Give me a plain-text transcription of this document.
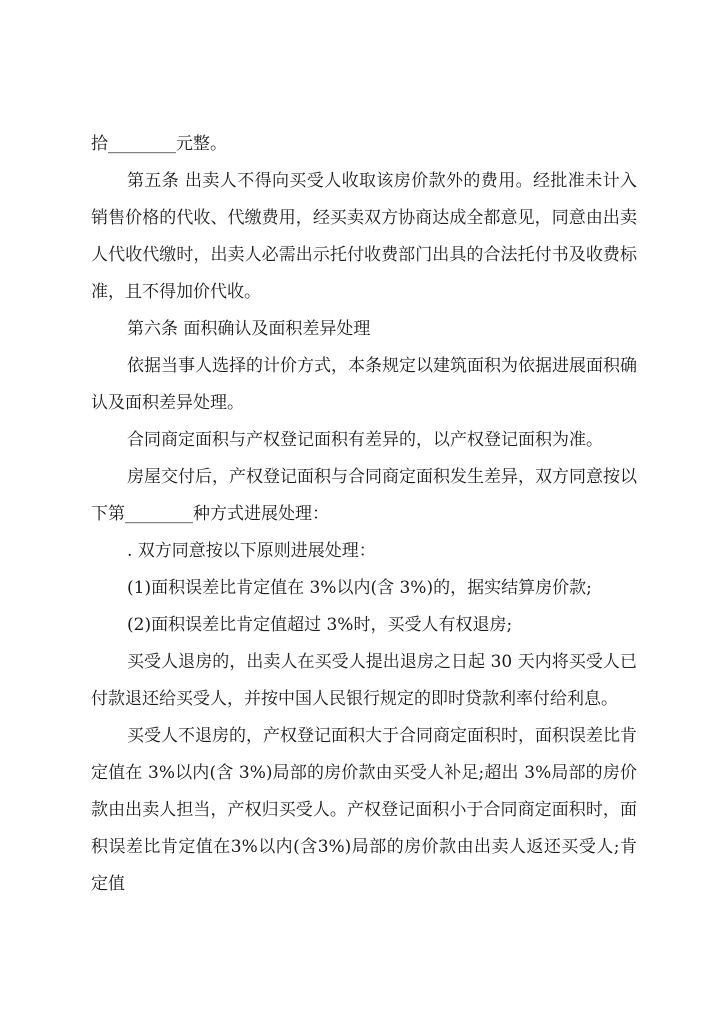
拾________元整。

第五条 出卖人不得向买受人收取该房价款外的费用。经批准未计入销售价格的代收、代缴费用，经买卖双方协商达成全都意见，同意由出卖人代收代缴时，出卖人必需出示托付收费部门出具的合法托付书及收费标准，且不得加价代收。

第六条 面积确认及面积差异处理

依据当事人选择的计价方式，本条规定以建筑面积为依据进展面积确认及面积差异处理。

合同商定面积与产权登记面积有差异的，以产权登记面积为准。

房屋交付后，产权登记面积与合同商定面积发生差异，双方同意按以下第________种方式进展处理：

. 双方同意按以下原则进展处理：

(1)面积误差比肯定值在 3%以内(含 3%)的，据实结算房价款;

(2)面积误差比肯定值超过 3%时，买受人有权退房;

买受人退房的，出卖人在买受人提出退房之日起 30 天内将买受人已付款退还给买受人，并按中国人民银行规定的即时贷款利率付给利息。

买受人不退房的，产权登记面积大于合同商定面积时，面积误差比肯定值在 3%以内(含 3%)局部的房价款由买受人补足;超出 3%局部的房价款由出卖人担当，产权归买受人。产权登记面积小于合同商定面积时，面积误差比肯定值在3%以内(含3%)局部的房价款由出卖人返还买受人;肯定值
